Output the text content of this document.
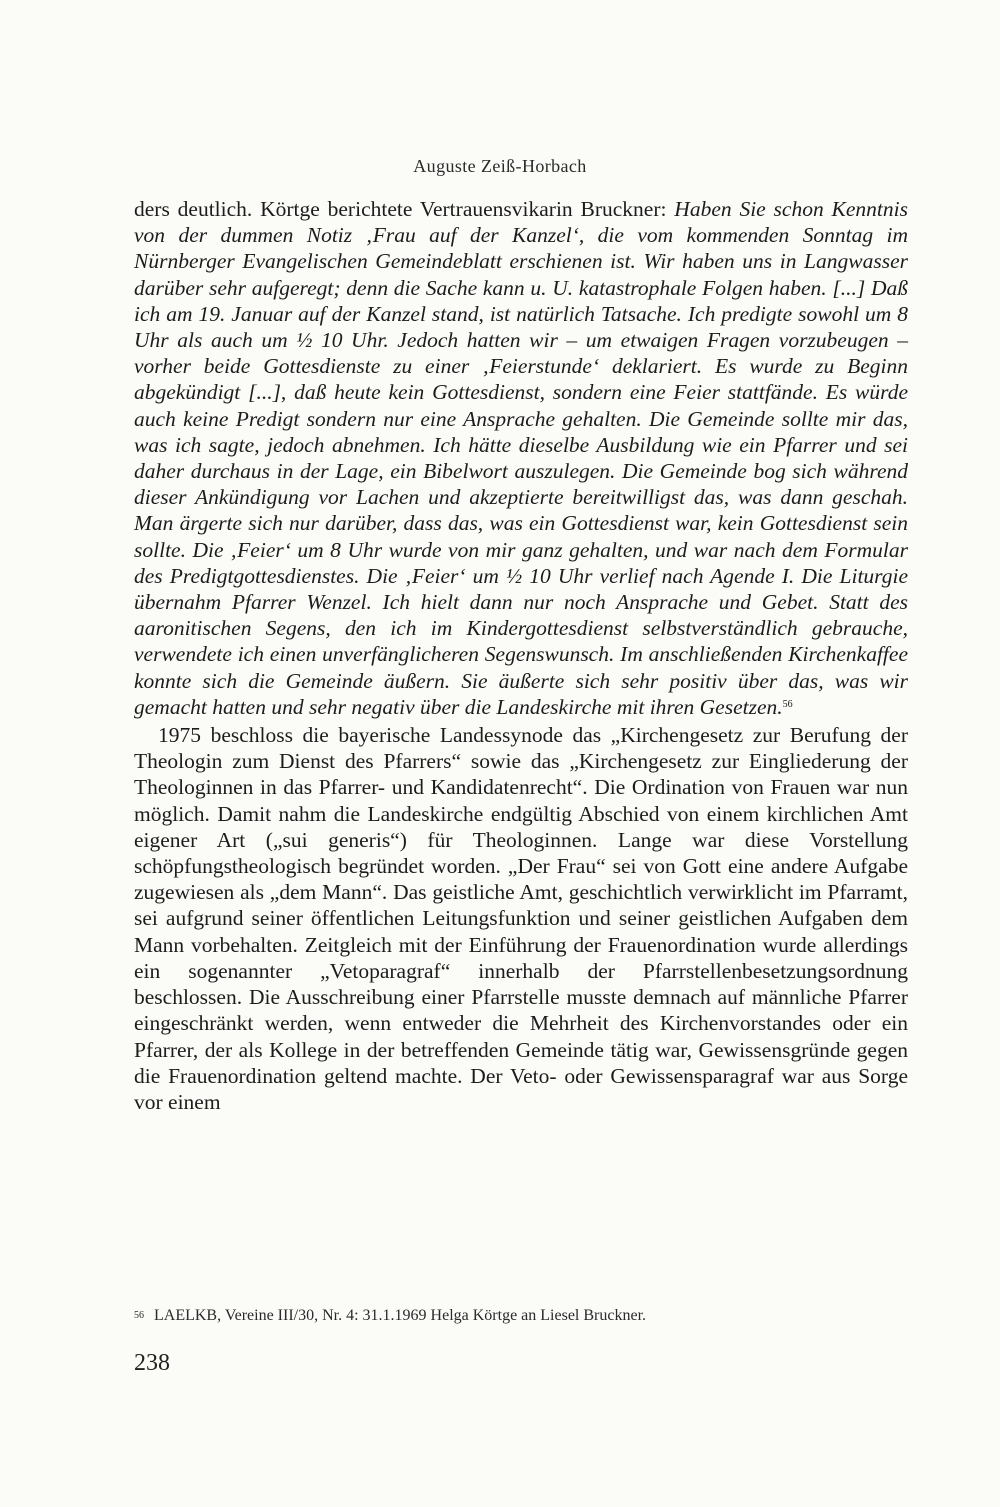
Auguste Zeiß-Horbach

ders deutlich. Körtge berichtete Vertrauensvikarin Bruckner: Haben Sie schon Kenntnis von der dummen Notiz ‚Frau auf der Kanzel‘, die vom kommenden Sonntag im Nürnberger Evangelischen Gemeindeblatt erschienen ist. Wir haben uns in Langwasser darüber sehr aufgeregt; denn die Sache kann u. U. katastrophale Folgen haben. [...] Daß ich am 19. Januar auf der Kanzel stand, ist natürlich Tatsache. Ich predigte sowohl um 8 Uhr als auch um ½ 10 Uhr. Jedoch hatten wir – um etwaigen Fragen vorzubeugen – vorher beide Gottesdienste zu einer ‚Feierstunde‘ deklariert. Es wurde zu Beginn abgekündigt [...], daß heute kein Gottesdienst, sondern eine Feier stattfände. Es würde auch keine Predigt sondern nur eine Ansprache gehalten. Die Gemeinde sollte mir das, was ich sagte, jedoch abnehmen. Ich hätte dieselbe Ausbildung wie ein Pfarrer und sei daher durchaus in der Lage, ein Bibelwort auszulegen. Die Gemeinde bog sich während dieser Ankündigung vor Lachen und akzeptierte bereitwilligst das, was dann geschah. Man ärgerte sich nur darüber, dass das, was ein Gottesdienst war, kein Gottesdienst sein sollte. Die ‚Feier‘ um 8 Uhr wurde von mir ganz gehalten, und war nach dem Formular des Predigtgottesdienstes. Die ‚Feier‘ um ½ 10 Uhr verlief nach Agende I. Die Liturgie übernahm Pfarrer Wenzel. Ich hielt dann nur noch Ansprache und Gebet. Statt des aaronitischen Segens, den ich im Kindergottesdienst selbstverständlich gebrauche, verwendete ich einen unverfänglicheren Segenswunsch. Im anschließenden Kirchenkaffee konnte sich die Gemeinde äußern. Sie äußerte sich sehr positiv über das, was wir gemacht hatten und sehr negativ über die Landeskirche mit ihren Gesetzen.$^{56}$

1975 beschloss die bayerische Landessynode das „Kirchengesetz zur Berufung der Theologin zum Dienst des Pfarrers“ sowie das „Kirchengesetz zur Eingliederung der Theologinnen in das Pfarrer- und Kandidatenrecht“. Die Ordination von Frauen war nun möglich. Damit nahm die Landeskirche endgültig Abschied von einem kirchlichen Amt eigener Art („sui generis“) für Theologinnen. Lange war diese Vorstellung schöpfungstheologisch begründet worden. „Der Frau“ sei von Gott eine andere Aufgabe zugewiesen als „dem Mann“. Das geistliche Amt, geschichtlich verwirklicht im Pfarramt, sei aufgrund seiner öffentlichen Leitungsfunktion und seiner geistlichen Aufgaben dem Mann vorbehalten. Zeitgleich mit der Einführung der Frauenordination wurde allerdings ein sogenannter „Vetoparagraf“ innerhalb der Pfarrstellenbesetzungsordnung beschlossen. Die Ausschreibung einer Pfarrstelle musste demnach auf männliche Pfarrer eingeschränkt werden, wenn entweder die Mehrheit des Kirchenvorstandes oder ein Pfarrer, der als Kollege in der betreffenden Gemeinde tätig war, Gewissensgründe gegen die Frauenordination geltend machte. Der Veto- oder Gewissensparagraf war aus Sorge vor einem

$^{56}$ LAELKB, Vereine III/30, Nr. 4: 31.1.1969 Helga Körtge an Liesel Bruckner.
238
